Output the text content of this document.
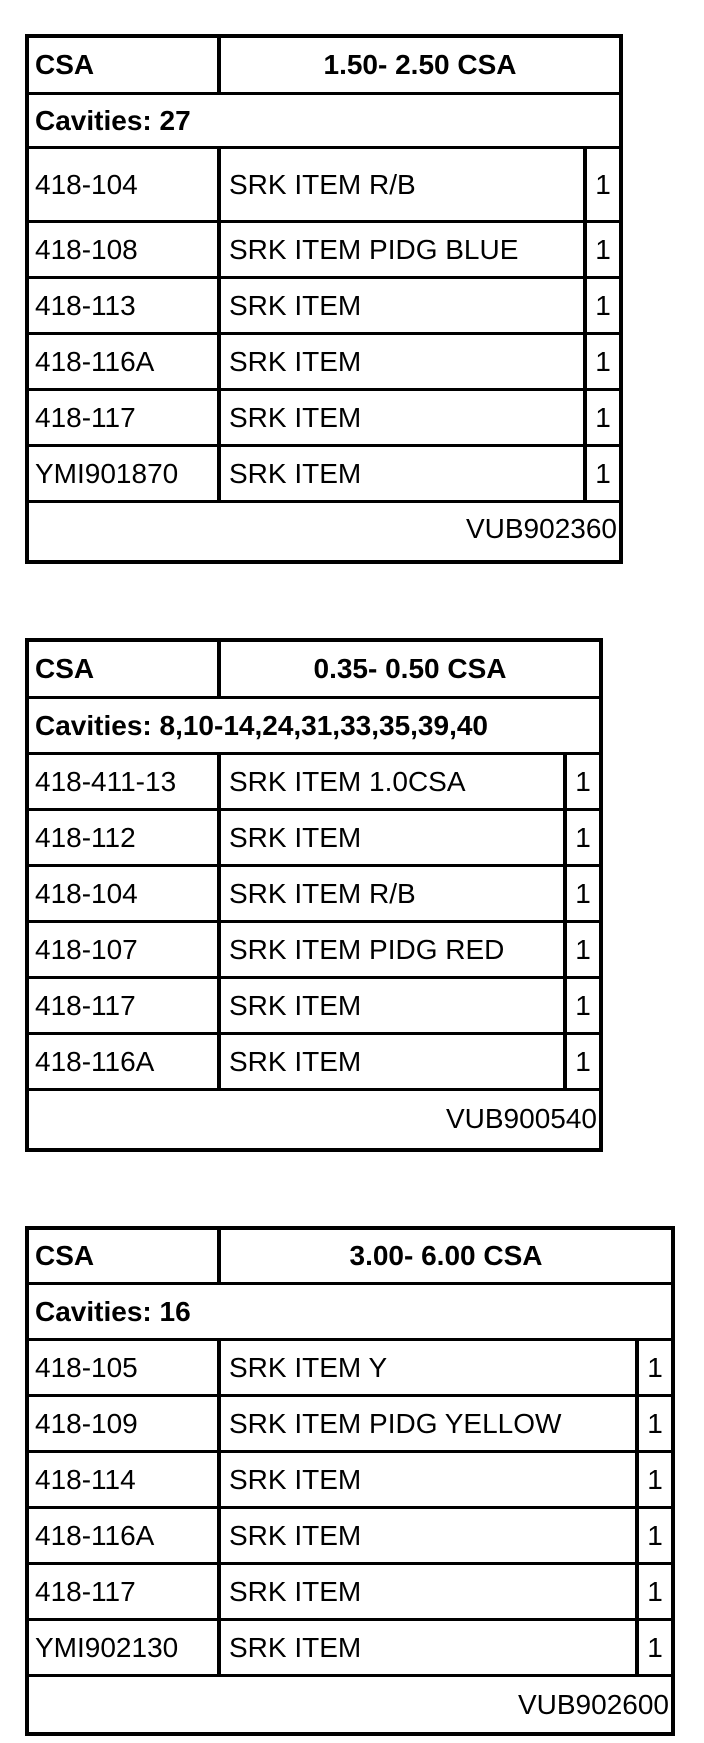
CSA	1.50- 2.50 CSA
Cavities: 27
418-104	SRK ITEM R/B	1
418-108	SRK ITEM PIDG BLUE	1
418-113	SRK ITEM	1
418-116A	SRK ITEM	1
418-117	SRK ITEM	1
YMI901870	SRK ITEM	1
VUB902360
CSA	0.35- 0.50 CSA
Cavities: 8,10-14,24,31,33,35,39,40
418-411-13	SRK ITEM 1.0CSA	1
418-112	SRK ITEM	1
418-104	SRK ITEM R/B	1
418-107	SRK ITEM PIDG RED	1
418-117	SRK ITEM	1
418-116A	SRK ITEM	1
VUB900540
CSA	3.00- 6.00 CSA
Cavities: 16
418-105	SRK ITEM Y	1
418-109	SRK ITEM PIDG YELLOW	1
418-114	SRK ITEM	1
418-116A	SRK ITEM	1
418-117	SRK ITEM	1
YMI902130	SRK ITEM	1
VUB902600
